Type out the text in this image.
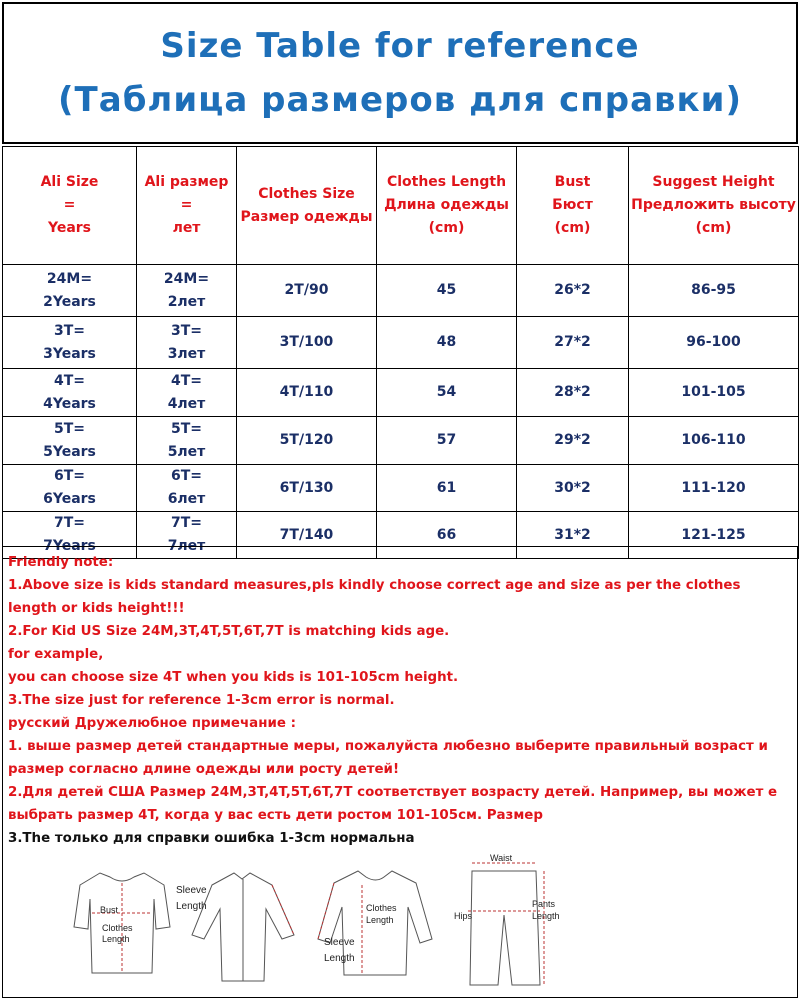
Size Table for reference
(Таблица размеров для справки)
Ali Size
=
Years	Ali размер
=
лет	Clothes Size
Размер одежды	Clothes Length
Длина одежды
(cm)	Bust
Бюст
(cm)	Suggest Height
Предложить высоту
(cm)

24M=
2Years	24M=
2лет	2T/90	45	26*2	86-95

3T=
3Years	3T=
3лет	3T/100	48	27*2	96-100

4T=
4Years	4T=
4лет	4T/110	54	28*2	101-105

5T=
5Years	5T=
5лет	5T/120	57	29*2	106-110

6T=
6Years	6T=
6лет	6T/130	61	30*2	111-120

7T=
7Years	7T=
7лет	7T/140	66	31*2	121-125
Friendly note:
1.Above size is kids standard measures,pls kindly choose correct age and size as per the clothes length or kids height!!!
2.For Kid US Size 24M,3T,4T,5T,6T,7T is matching kids age.
for example,
you can choose size 4T when you kids is 101-105cm height.
3.The size just for reference 1-3cm error is normal.
русский Дружелюбное примечание :
1. выше размер детей стандартные меры, пожалуйста любезно выберите правильный возраст и размер согласно длине одежды или росту детей!
2.Для детей США Размер 24M,3T,4T,5T,6T,7T соответствует возрасту детей. Например, вы может е выбрать размер 4T, когда у вас есть дети ростом 101-105см. Размер
3.The только для справки ошибка 1-3cm нормальна
Bust
Clothes
Length
Sleeve
Length	Clothes
Length
Sleeve
Length
Waist
Hips
Pants
Length
